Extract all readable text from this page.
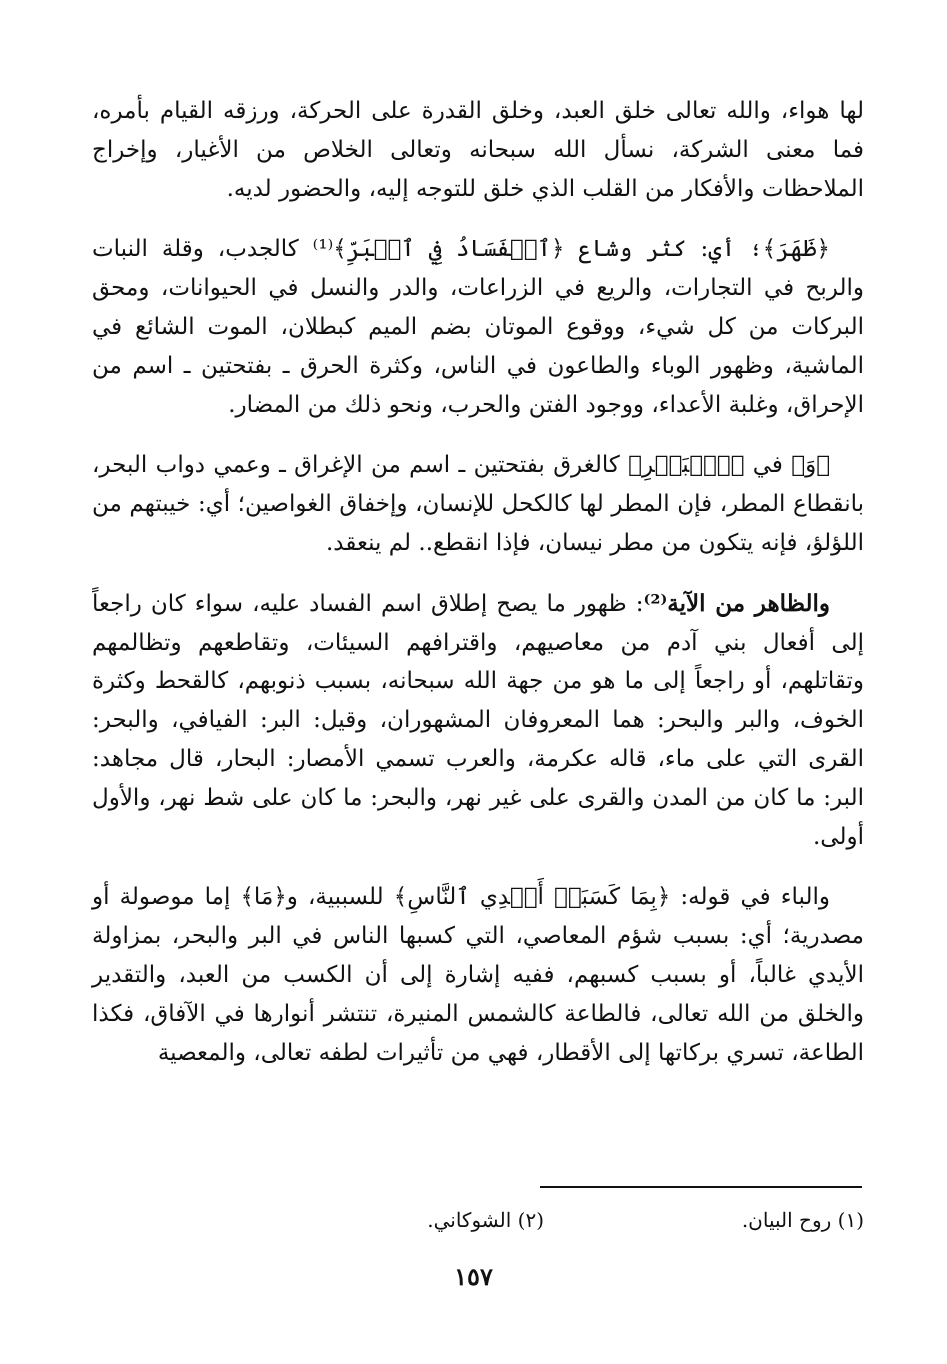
لها هواء، والله تعالى خلق العبد، وخلق القدرة على الحركة، ورزقه القيام بأمره، فما معنى الشركة، نسأل الله سبحانه وتعالى الخلاص من الأغيار، وإخراج الملاحظات والأفكار من القلب الذي خلق للتوجه إليه، والحضور لديه.

﴿ظَهَرَ﴾؛ أي: كثر وشاع ﴿ٱلۡفَسَادُ فِي ٱلۡبَرِّ﴾⁽¹⁾ كالجدب، وقلة النبات والربح في التجارات، والريع في الزراعات، والدر والنسل في الحيوانات، ومحق البركات من كل شيء، ووقوع الموتان بضم الميم كبطلان، الموت الشائع في الماشية، وظهور الوباء والطاعون في الناس، وكثرة الحرق ـ بفتحتين ـ اسم من الإحراق، وغلبة الأعداء، ووجود الفتن والحرب، ونحو ذلك من المضار.

﴿وَ﴾ في ﴿ٱلۡبَحۡرِ﴾ كالغرق بفتحتين ـ اسم من الإغراق ـ وعمي دواب البحر، بانقطاع المطر، فإن المطر لها كالكحل للإنسان، وإخفاق الغواصين؛ أي: خيبتهم من اللؤلؤ، فإنه يتكون من مطر نيسان، فإذا انقطع.. لم ينعقد.

والظاهر من الآية⁽²⁾: ظهور ما يصح إطلاق اسم الفساد عليه، سواء كان راجعاً إلى أفعال بني آدم من معاصيهم، واقترافهم السيئات، وتقاطعهم وتظالمهم وتقاتلهم، أو راجعاً إلى ما هو من جهة الله سبحانه، بسبب ذنوبهم، كالقحط وكثرة الخوف، والبر والبحر: هما المعروفان المشهوران، وقيل: البر: الفيافي، والبحر: القرى التي على ماء، قاله عكرمة، والعرب تسمي الأمصار: البحار، قال مجاهد: البر: ما كان من المدن والقرى على غير نهر، والبحر: ما كان على شط نهر، والأول أولى.

والباء في قوله: ﴿بِمَا كَسَبَتۡ أَيۡدِي ٱلنَّاسِ﴾ للسببية، و﴿مَا﴾ إما موصولة أو مصدرية؛ أي: بسبب شؤم المعاصي، التي كسبها الناس في البر والبحر، بمزاولة الأيدي غالباً، أو بسبب كسبهم، ففيه إشارة إلى أن الكسب من العبد، والتقدير والخلق من الله تعالى، فالطاعة كالشمس المنيرة، تنتشر أنوارها في الآفاق، فكذا الطاعة، تسري بركاتها إلى الأقطار، فهي من تأثيرات لطفه تعالى، والمعصية

(١) روح البيان.
(٢) الشوكاني.
١٥٧
